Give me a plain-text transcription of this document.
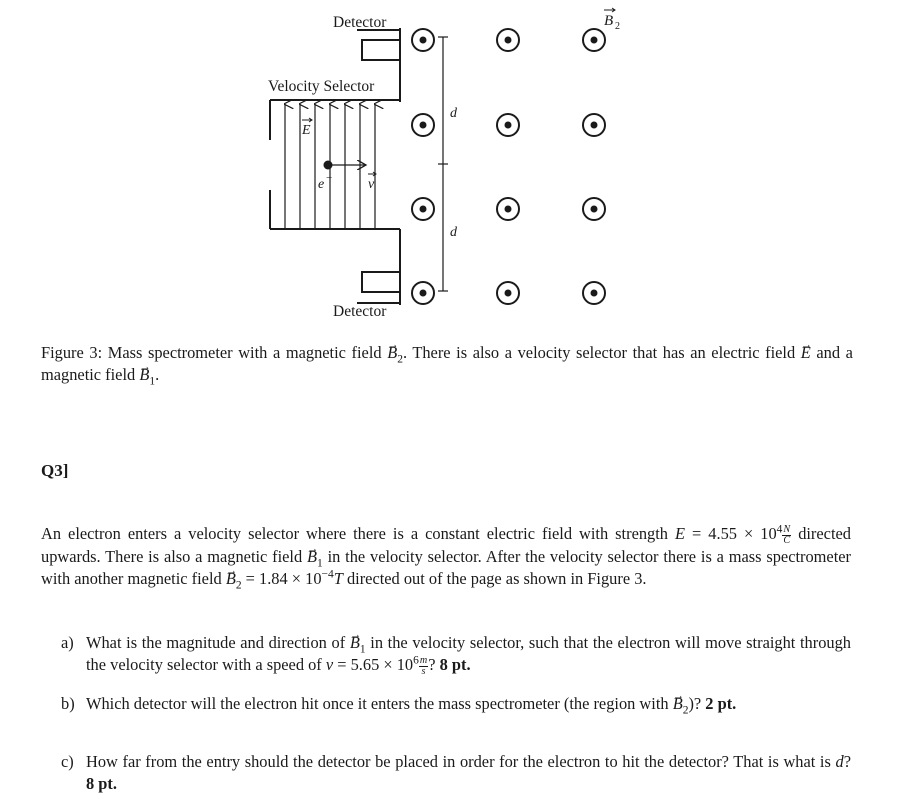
Detector
Detector
Velocity Selector
E
e −	v
d
d
B 2
Figure 3: Mass spectrometer with a magnetic field → $B_2$. There is also a velocity selector that has an electric field → E and a magnetic field → $B_1$.
Q3]
An electron enters a velocity selector where there is a constant electric field with strength $E = 4.55 \times 10^4 \frac{N}{C}$ directed upwards. There is also a magnetic field → $B_1$ in the velocity selector. After the velocity selector there is a mass spectrometer with another magnetic field → $B_2 = 1.84 \times 10^{-4}T$ directed out of the page as shown in Figure 3.
a) What is the magnitude and direction of → $B_1$ in the velocity selector, such that the electron will move straight through the velocity selector with a speed of $v = 5.65 \times 10^6 \frac{m}{s}$ ? 8 pt.
b) Which detector will the electron hit once it enters the mass spectrometer (the region with → $B_2$)? 2 pt.
c) How far from the entry should the detector be placed in order for the electron to hit the detector? That is what is d? 8 pt.
